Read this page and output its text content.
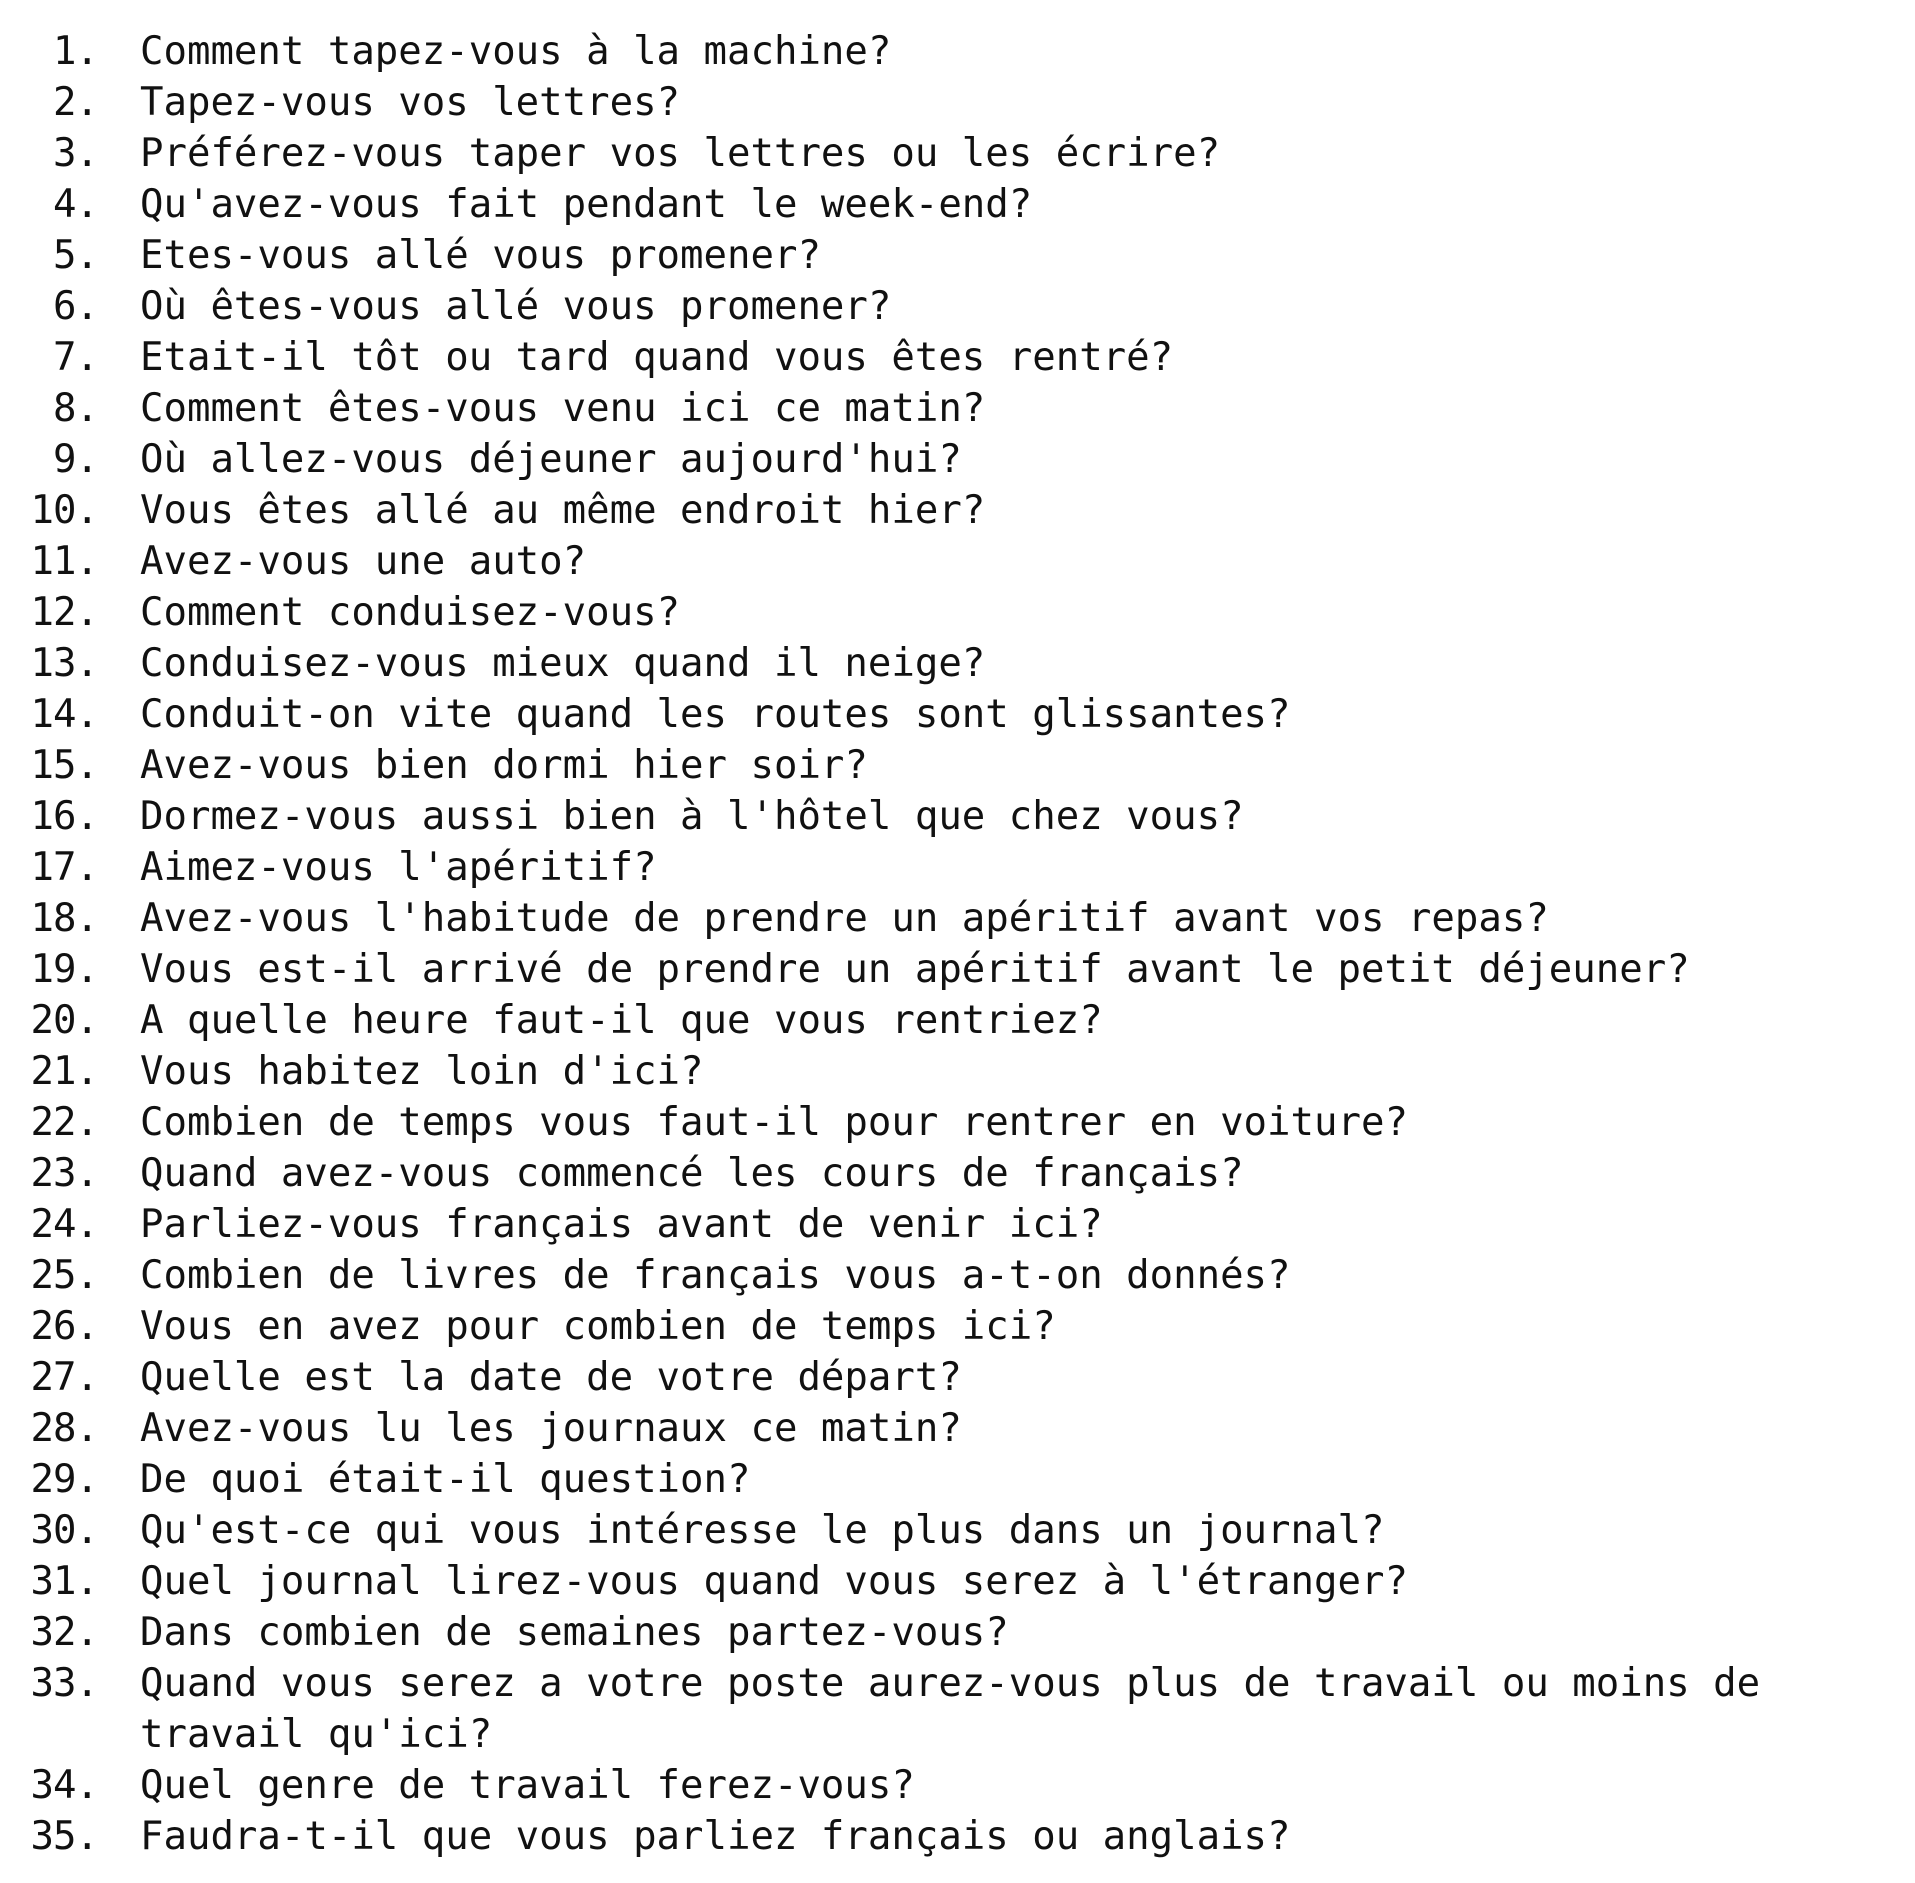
1. Comment tapez-vous à la machine?
2. Tapez-vous vos lettres?
3. Préférez-vous taper vos lettres ou les écrire?
4. Qu'avez-vous fait pendant le week-end?
5. Etes-vous allé vous promener?
6. Où êtes-vous allé vous promener?
7. Etait-il tôt ou tard quand vous êtes rentré?
8. Comment êtes-vous venu ici ce matin?
9. Où allez-vous déjeuner aujourd'hui?
10. Vous êtes allé au même endroit hier?
11. Avez-vous une auto?
12. Comment conduisez-vous?
13. Conduisez-vous mieux quand il neige?
14. Conduit-on vite quand les routes sont glissantes?
15. Avez-vous bien dormi hier soir?
16. Dormez-vous aussi bien à l'hôtel que chez vous?
17. Aimez-vous l'apéritif?
18. Avez-vous l'habitude de prendre un apéritif avant vos repas?
19. Vous est-il arrivé de prendre un apéritif avant le petit déjeuner?
20. A quelle heure faut-il que vous rentriez?
21. Vous habitez loin d'ici?
22. Combien de temps vous faut-il pour rentrer en voiture?
23. Quand avez-vous commencé les cours de français?
24. Parliez-vous français avant de venir ici?
25. Combien de livres de français vous a-t-on donnés?
26. Vous en avez pour combien de temps ici?
27. Quelle est la date de votre départ?
28. Avez-vous lu les journaux ce matin?
29. De quoi était-il question?
30. Qu'est-ce qui vous intéresse le plus dans un journal?
31. Quel journal lirez-vous quand vous serez à l'étranger?
32. Dans combien de semaines partez-vous?
33. Quand vous serez a votre poste aurez-vous plus de travail ou moins de travail qu'ici?
34. Quel genre de travail ferez-vous?
35. Faudra-t-il que vous parliez français ou anglais?
